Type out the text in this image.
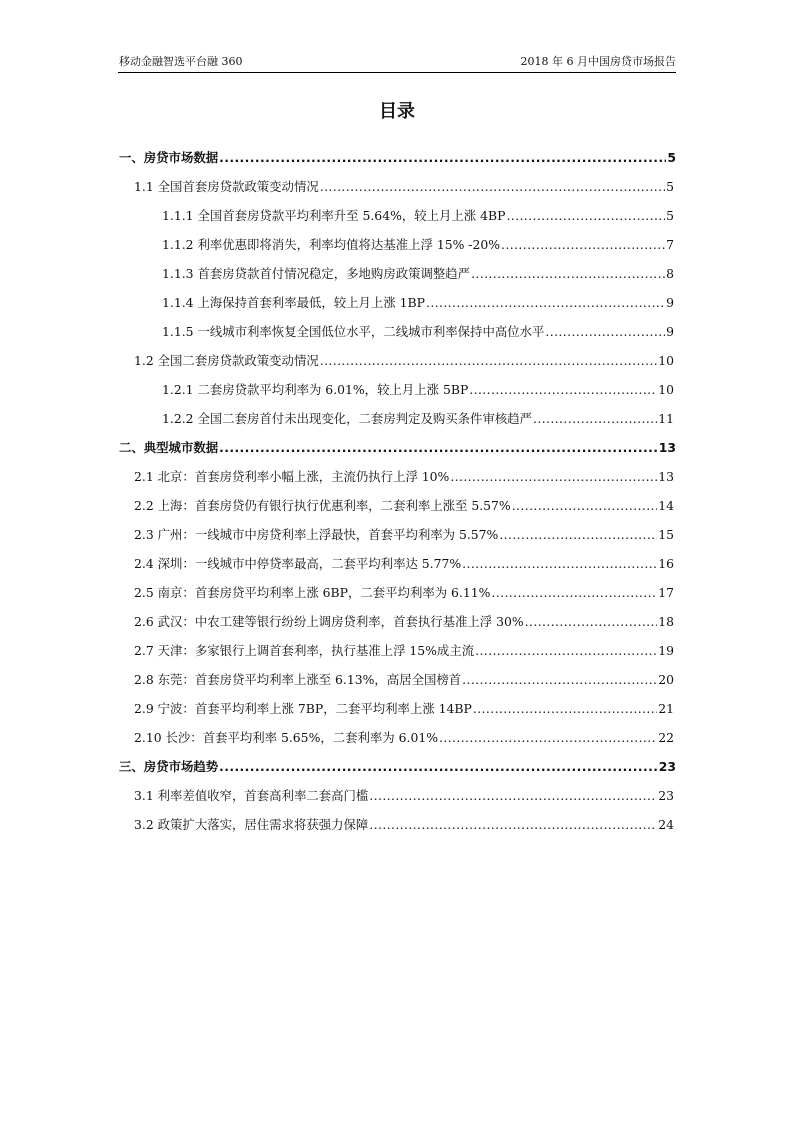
移动金融智选平台融 360	2018 年 6 月中国房贷市场报告
目录
一、房贷市场数据 .....	5
1.1 全国首套房贷款政策变动情况 .....	5
1.1.1 全国首套房贷款平均利率升至 5.64%，较上月上涨 4BP .....	5
1.1.2 利率优惠即将消失，利率均值将达基准上浮 15% -20% .....	7
1.1.3 首套房贷款首付情况稳定，多地购房政策调整趋严 .....	8
1.1.4 上海保持首套利率最低，较上月上涨 1BP .....	9
1.1.5 一线城市利率恢复全国低位水平，二线城市利率保持中高位水平 .....	9
1.2 全国二套房贷款政策变动情况 .....	10
1.2.1 二套房贷款平均利率为 6.01%，较上月上涨 5BP .....	10
1.2.2 全国二套房首付未出现变化，二套房判定及购买条件审核趋严 .....	11
二、典型城市数据 .....	13
2.1 北京：首套房贷利率小幅上涨，主流仍执行上浮 10% .....	13
2.2 上海：首套房贷仍有银行执行优惠利率，二套利率上涨至 5.57% .....	14
2.3 广州：一线城市中房贷利率上浮最快，首套平均利率为 5.57% .....	15
2.4 深圳：一线城市中停贷率最高，二套平均利率达 5.77% .....	16
2.5 南京：首套房贷平均利率上涨 6BP，二套平均利率为 6.11% .....	17
2.6 武汉：中农工建等银行纷纷上调房贷利率，首套执行基准上浮 30% .....	18
2.7 天津：多家银行上调首套利率，执行基准上浮 15%成主流 .....	19
2.8 东莞：首套房贷平均利率上涨至 6.13%，高居全国榜首 .....	20
2.9 宁波：首套平均利率上涨 7BP，二套平均利率上涨 14BP .....	21
2.10 长沙：首套平均利率 5.65%，二套利率为 6.01% .....	22
三、房贷市场趋势 .....	23
3.1 利率差值收窄，首套高利率二套高门槛 .....	23
3.2 政策扩大落实，居住需求将获强力保障 .....	24
